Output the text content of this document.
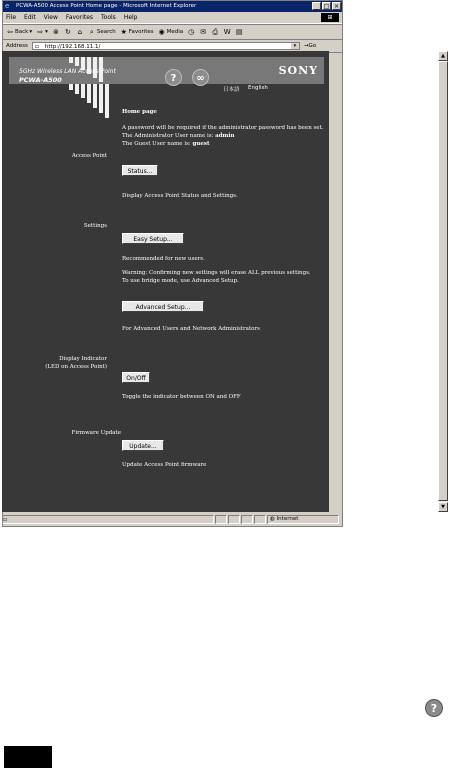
e	PCWA-A500 Access Point Home page - Microsoft Internet Explorer	_ □ ×
File Edit View Favorites Tools Help	⊞
⇦ Back ▾ ⇨ ▾ ⊗ ↻ ⌂ ⌕ Search ★ Favorites ◉ Media ◷ ✉ ⎙ W ▤
Address ▫ http://192.168.11.1/	▾	→Go
5GHz Wireless LAN Access Point
PCWA-A500
SONY
?	∞
日本語 English
Home page
A password will be required if the administrator password has been set.
The Administrator User name is: admin
The Guest User name is: guest
Access Point
Status...
Display Access Point Status and Settings.
Settings
Easy Setup...
Recommended for new users.
Warning: Confirming new settings will erase ALL previous settings.
To use bridge mode, use Advanced Setup.
Advanced Setup...
For Advanced Users and Network Administrators
Display Indicator
(LED on Access Point)
On/Off
Toggle the indicator between ON and OFF
Firmware Update
Update...
Update Access Point firmware
▲
▼
▫	◍ Internet
?
